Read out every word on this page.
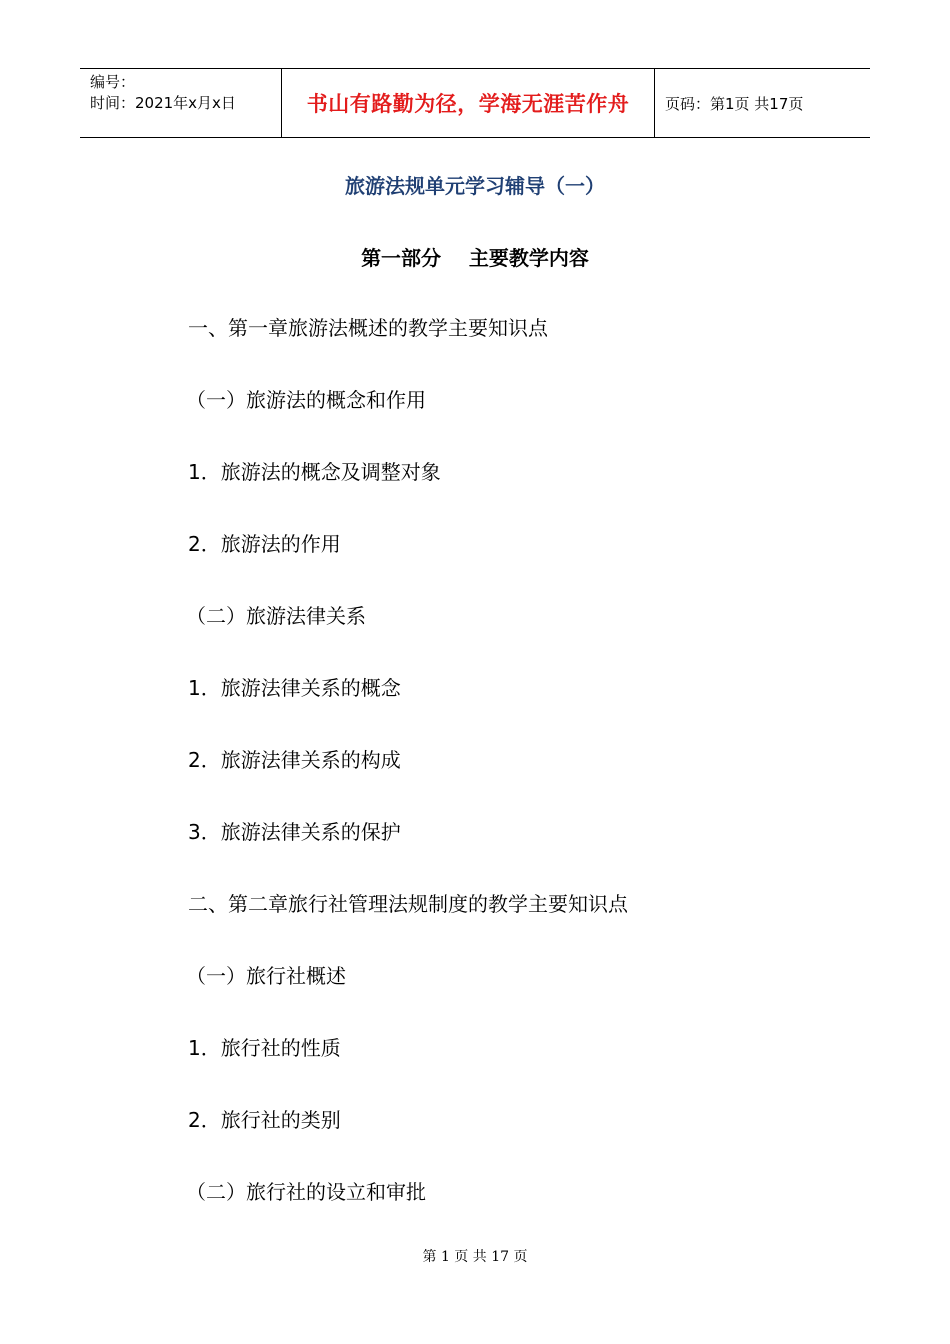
编号：
时间：2021年x月x日	书山有路勤为径，学海无涯苦作舟 页码：第1页 共17页
旅游法规单元学习辅导（一）
第一部分    主要教学内容
一、第一章旅游法概述的教学主要知识点
（一）旅游法的概念和作用
1．旅游法的概念及调整对象
2．旅游法的作用
（二）旅游法律关系
1．旅游法律关系的概念
2．旅游法律关系的构成
3．旅游法律关系的保护
二、第二章旅行社管理法规制度的教学主要知识点
（一）旅行社概述
1．旅行社的性质
2．旅行社的类别
（二）旅行社的设立和审批
第 1 页 共 17 页
